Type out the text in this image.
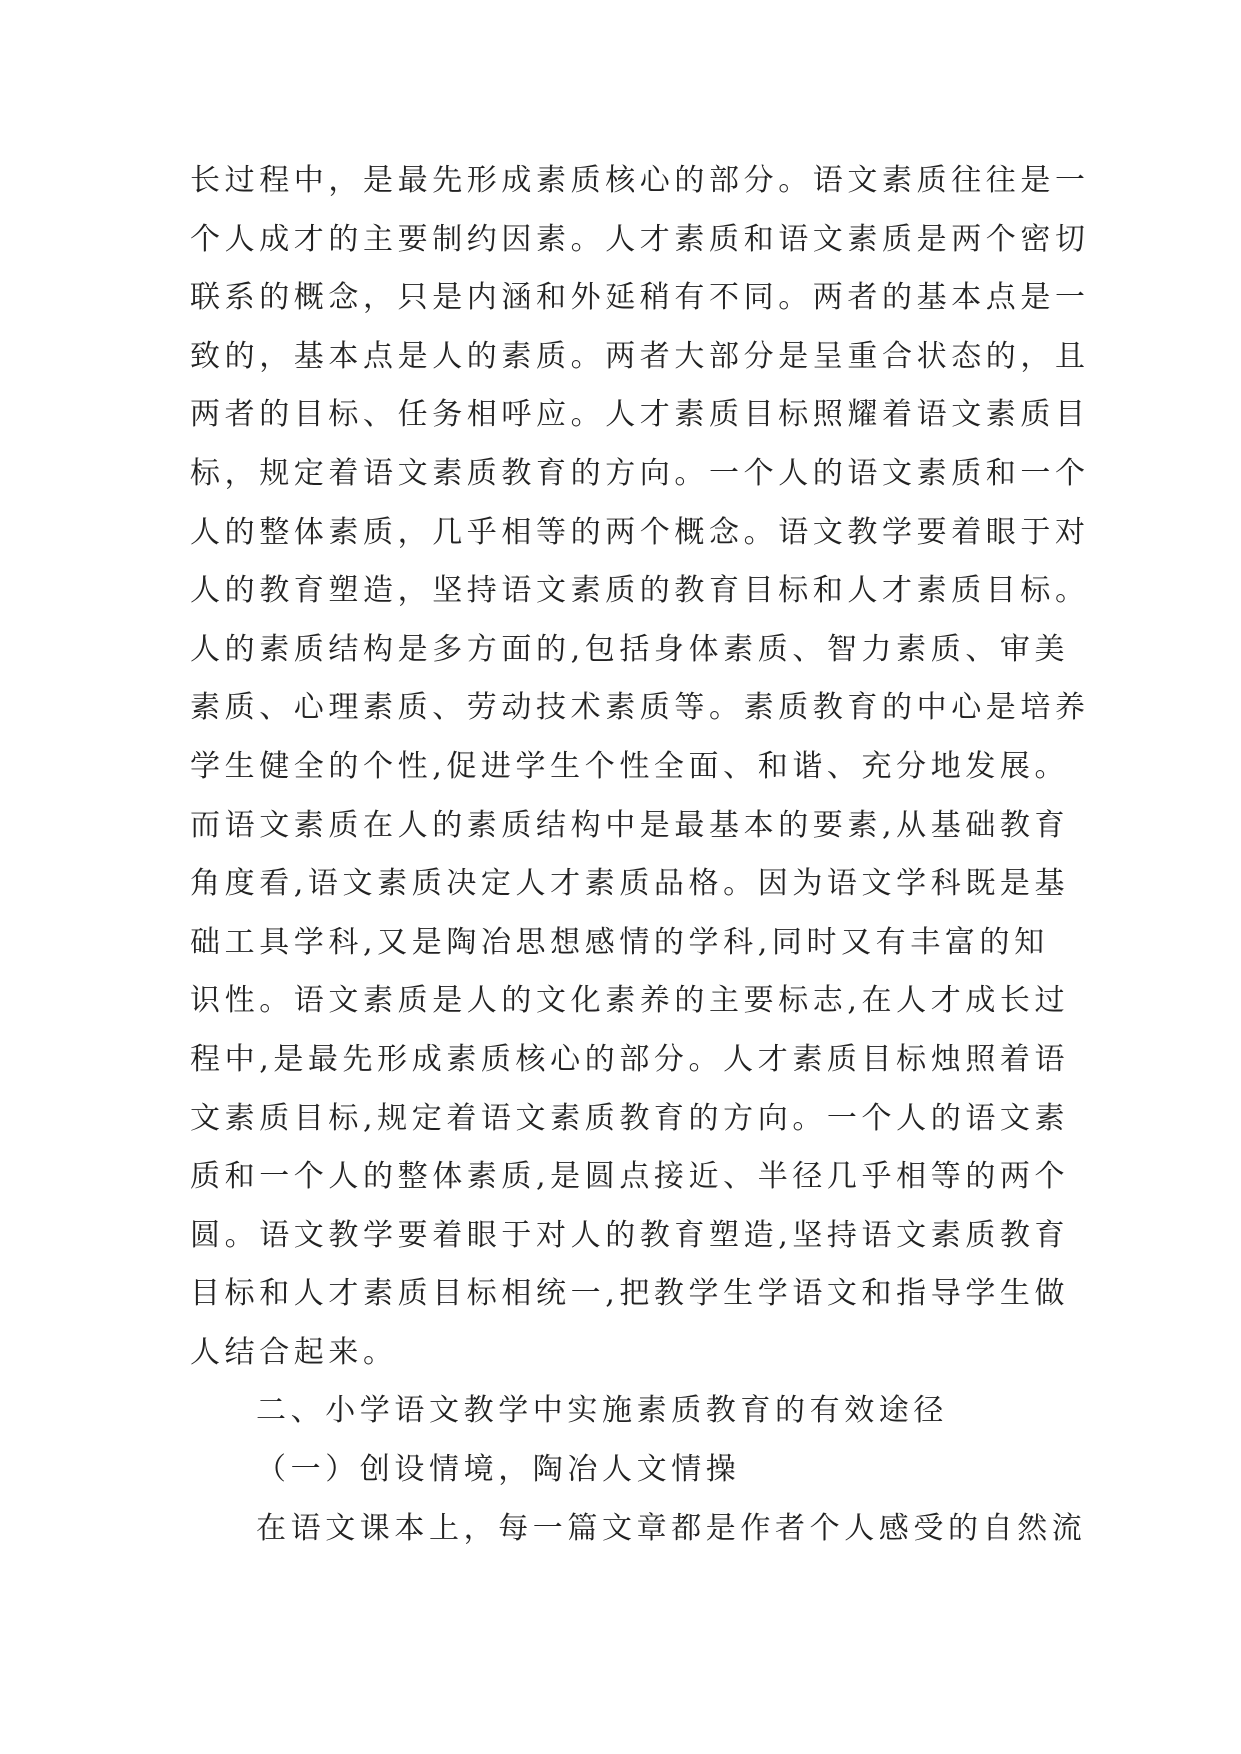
长过程中，是最先形成素质核心的部分。语文素质往往是一
个人成才的主要制约因素。人才素质和语文素质是两个密切
联系的概念，只是内涵和外延稍有不同。两者的基本点是一
致的，基本点是人的素质。两者大部分是呈重合状态的，且
两者的目标、任务相呼应。人才素质目标照耀着语文素质目
标，规定着语文素质教育的方向。一个人的语文素质和一个
人的整体素质，几乎相等的两个概念。语文教学要着眼于对
人的教育塑造，坚持语文素质的教育目标和人才素质目标。
人的素质结构是多方面的,包括身体素质、智力素质、审美
素质、心理素质、劳动技术素质等。素质教育的中心是培养
学生健全的个性,促进学生个性全面、和谐、充分地发展。
而语文素质在人的素质结构中是最基本的要素,从基础教育
角度看,语文素质决定人才素质品格。因为语文学科既是基
础工具学科,又是陶冶思想感情的学科,同时又有丰富的知
识性。语文素质是人的文化素养的主要标志,在人才成长过
程中,是最先形成素质核心的部分。人才素质目标烛照着语
文素质目标,规定着语文素质教育的方向。一个人的语文素
质和一个人的整体素质,是圆点接近、半径几乎相等的两个
圆。语文教学要着眼于对人的教育塑造,坚持语文素质教育
目标和人才素质目标相统一,把教学生学语文和指导学生做
人结合起来。
二、小学语文教学中实施素质教育的有效途径
（一）创设情境，陶冶人文情操
在语文课本上，每一篇文章都是作者个人感受的自然流
